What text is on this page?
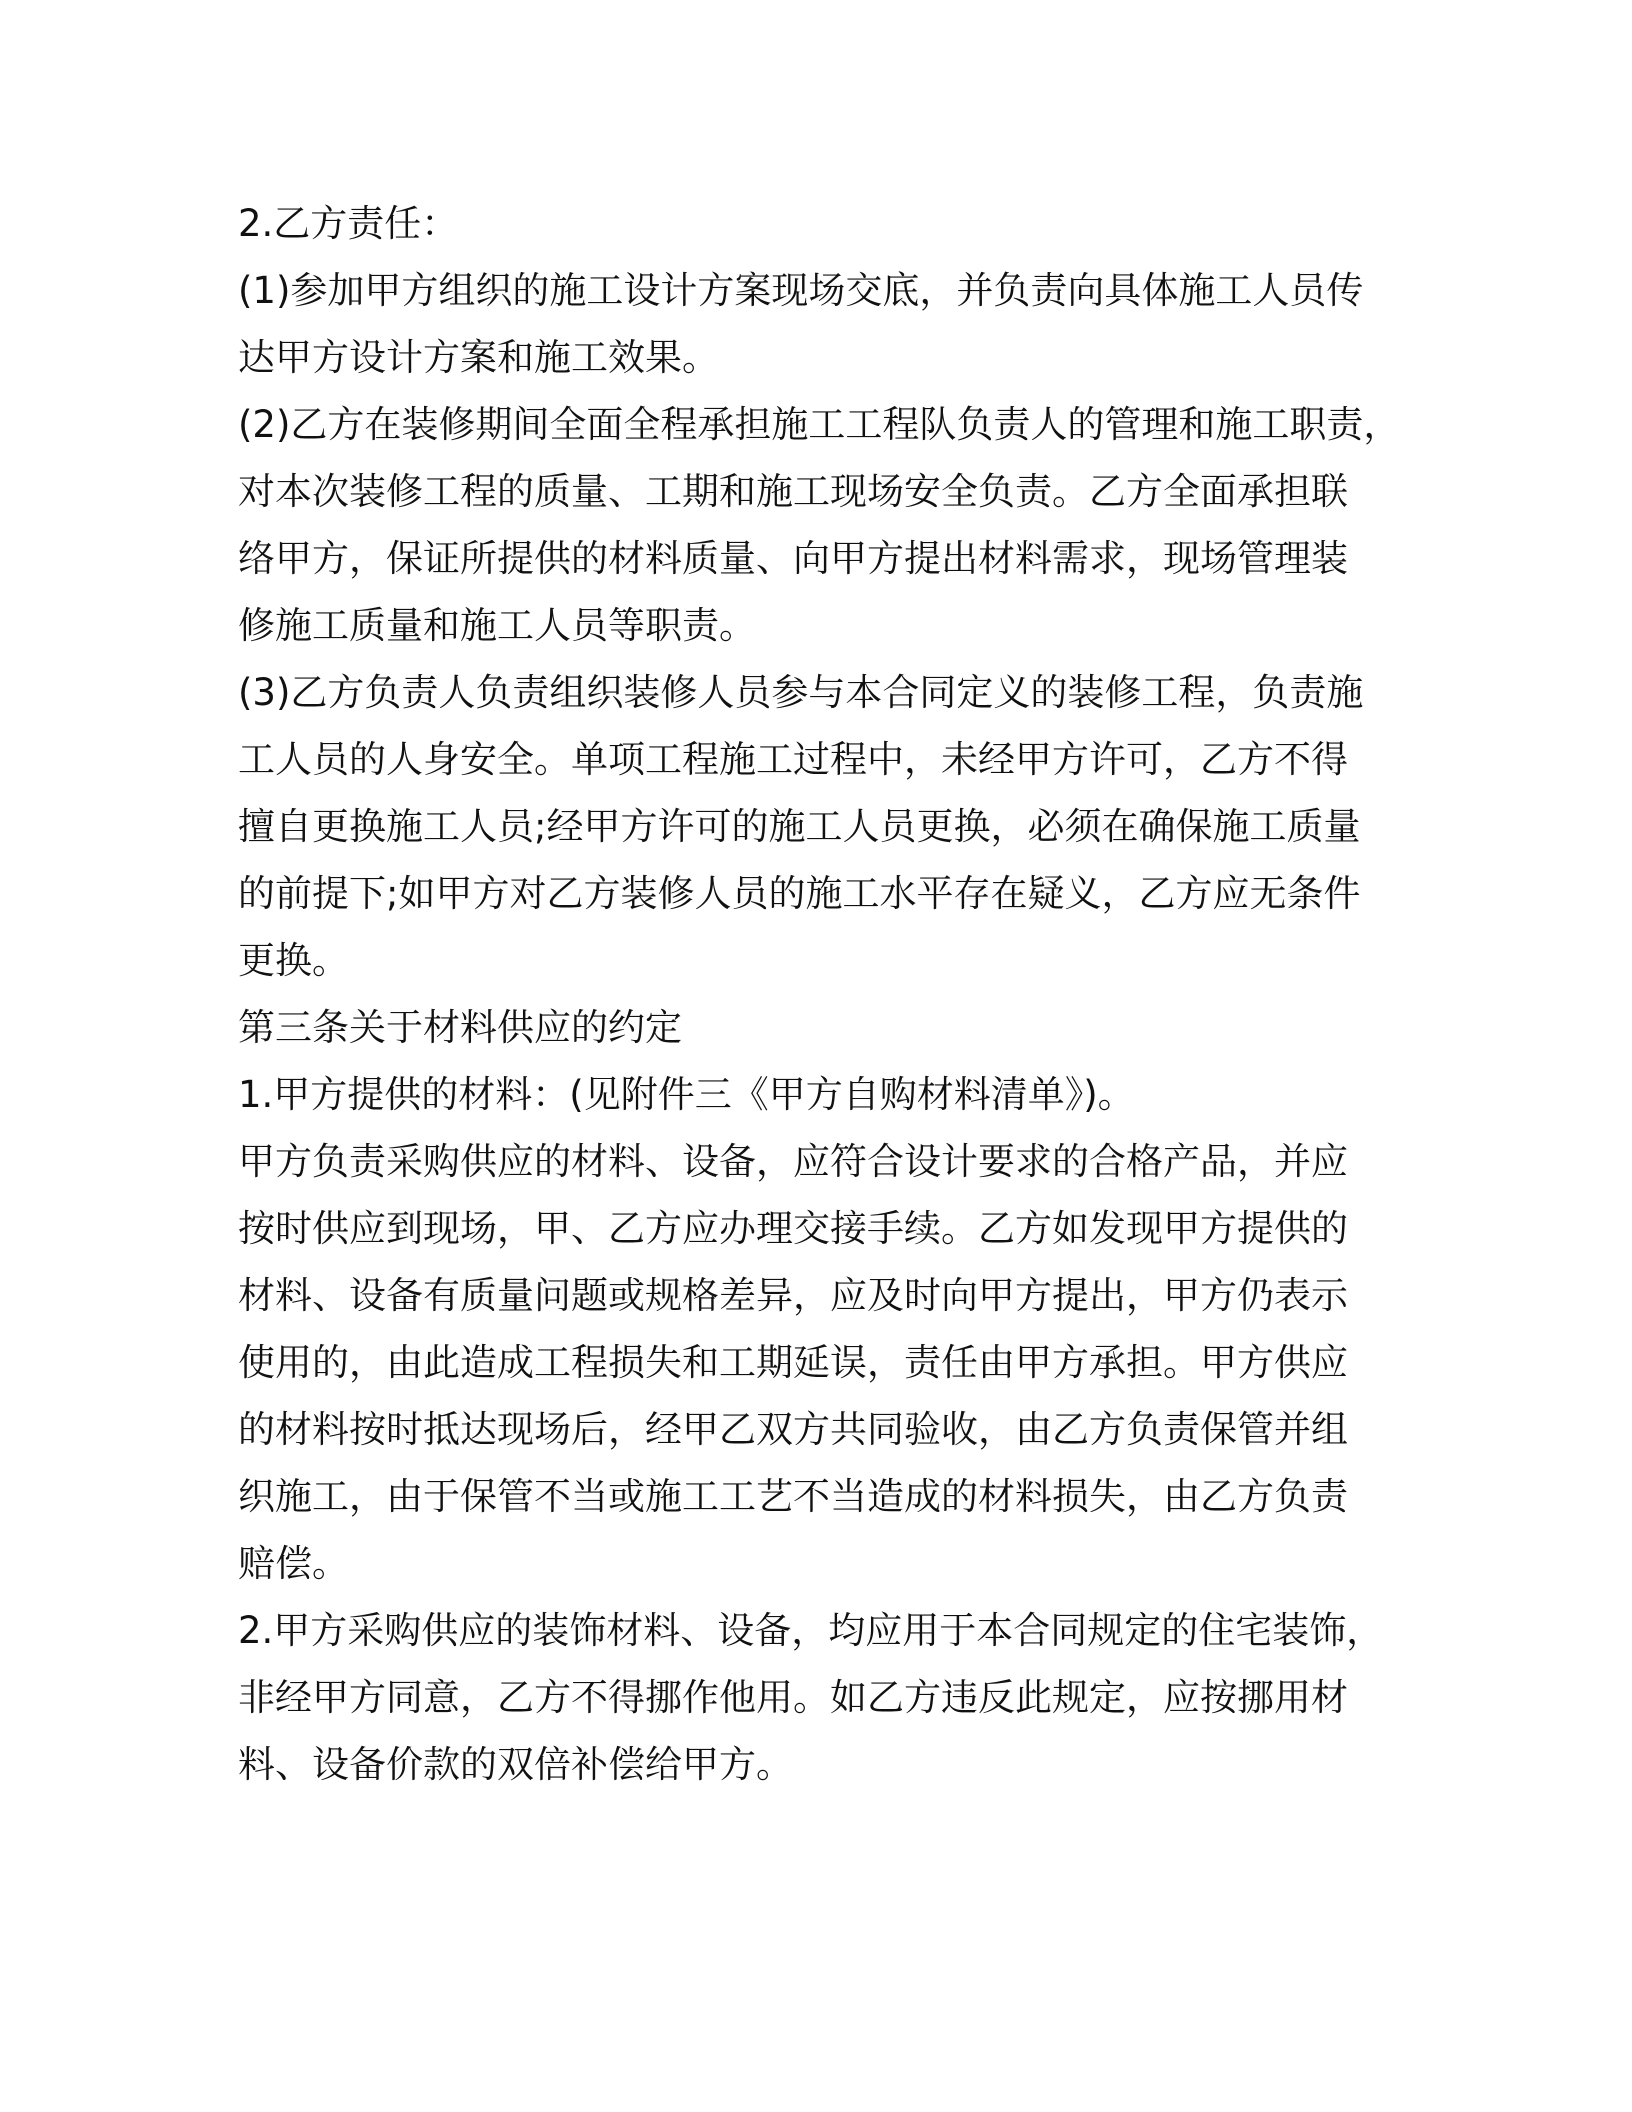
2.乙方责任：
(1)参加甲方组织的施工设计方案现场交底，并负责向具体施工人员传
达甲方设计方案和施工效果。
(2)乙方在装修期间全面全程承担施工工程队负责人的管理和施工职责，
对本次装修工程的质量、工期和施工现场安全负责。乙方全面承担联
络甲方，保证所提供的材料质量、向甲方提出材料需求，现场管理装
修施工质量和施工人员等职责。
(3)乙方负责人负责组织装修人员参与本合同定义的装修工程，负责施
工人员的人身安全。单项工程施工过程中，未经甲方许可，乙方不得
擅自更换施工人员;经甲方许可的施工人员更换，必须在确保施工质量
的前提下;如甲方对乙方装修人员的施工水平存在疑义，乙方应无条件
更换。
第三条关于材料供应的约定
1.甲方提供的材料：(见附件三《甲方自购材料清单》)。
甲方负责采购供应的材料、设备，应符合设计要求的合格产品，并应
按时供应到现场，甲、乙方应办理交接手续。乙方如发现甲方提供的
材料、设备有质量问题或规格差异，应及时向甲方提出，甲方仍表示
使用的，由此造成工程损失和工期延误，责任由甲方承担。甲方供应
的材料按时抵达现场后，经甲乙双方共同验收，由乙方负责保管并组
织施工，由于保管不当或施工工艺不当造成的材料损失，由乙方负责
赔偿。
2.甲方采购供应的装饰材料、设备，均应用于本合同规定的住宅装饰，
非经甲方同意，乙方不得挪作他用。如乙方违反此规定，应按挪用材
料、设备价款的双倍补偿给甲方。
